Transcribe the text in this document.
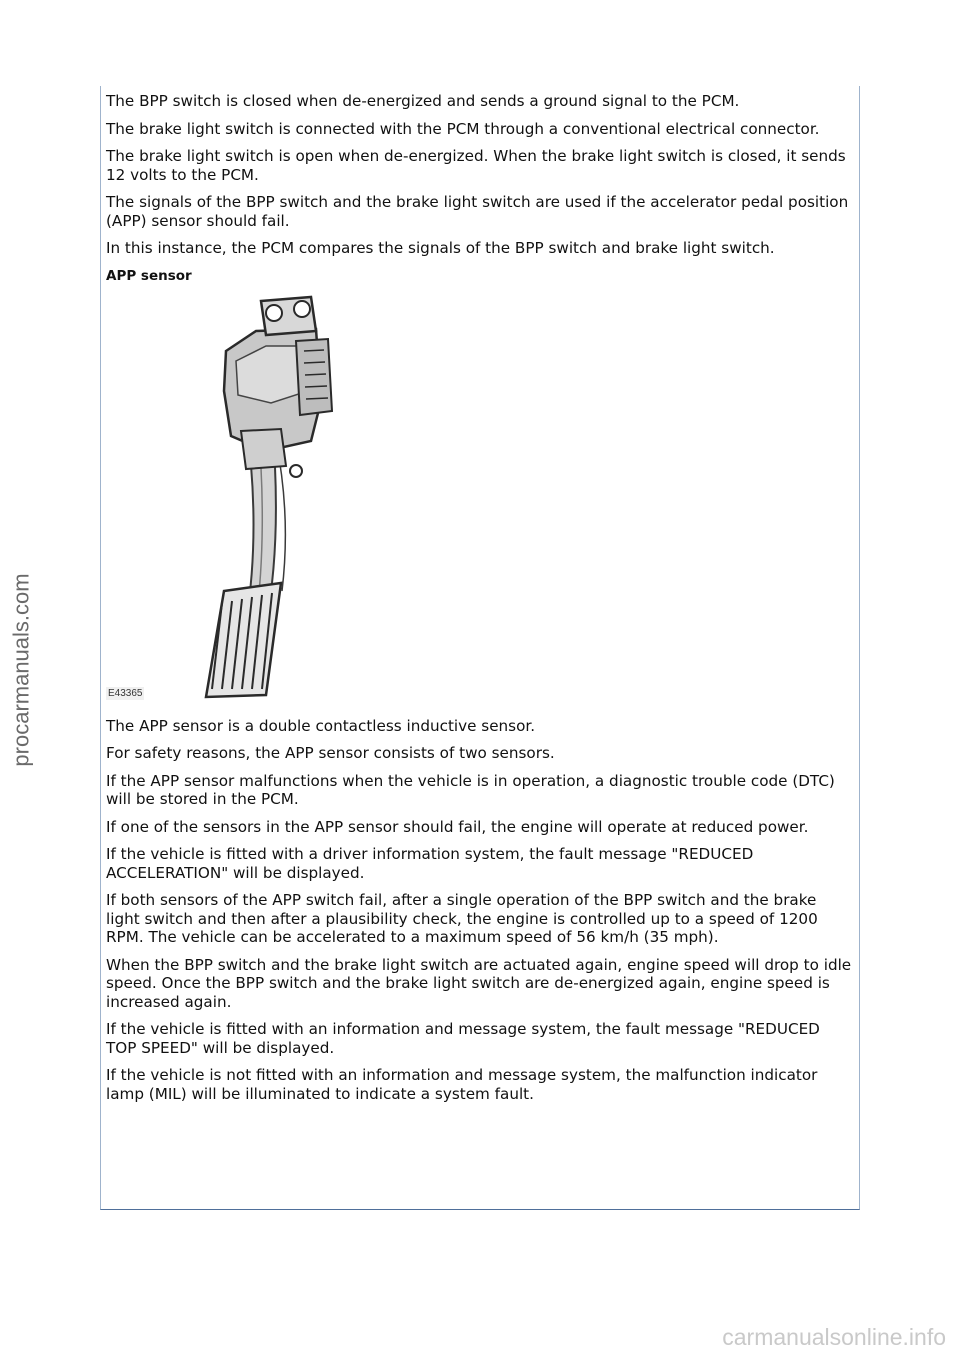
procarmanuals.com

The BPP switch is closed when de-energized and sends a ground signal to the PCM.

The brake light switch is connected with the PCM through a conventional electrical connector.

The brake light switch is open when de-energized. When the brake light switch is closed, it sends 12 volts to the PCM.

The signals of the BPP switch and the brake light switch are used if the accelerator pedal position (APP) sensor should fail.

In this instance, the PCM compares the signals of the BPP switch and brake light switch.

APP sensor
E43365

The APP sensor is a double contactless inductive sensor.

For safety reasons, the APP sensor consists of two sensors.

If the APP sensor malfunctions when the vehicle is in operation, a diagnostic trouble code (DTC) will be stored in the PCM.

If one of the sensors in the APP sensor should fail, the engine will operate at reduced power.

If the vehicle is fitted with a driver information system, the fault message "REDUCED ACCELERATION" will be displayed.

If both sensors of the APP switch fail, after a single operation of the BPP switch and the brake light switch and then after a plausibility check, the engine is controlled up to a speed of 1200 RPM. The vehicle can be accelerated to a maximum speed of 56 km/h (35 mph).

When the BPP switch and the brake light switch are actuated again, engine speed will drop to idle speed. Once the BPP switch and the brake light switch are de-energized again, engine speed is increased again.

If the vehicle is fitted with an information and message system, the fault message "REDUCED TOP SPEED" will be displayed.

If the vehicle is not fitted with an information and message system, the malfunction indicator lamp (MIL) will be illuminated to indicate a system fault.

carmanualsonline.info
